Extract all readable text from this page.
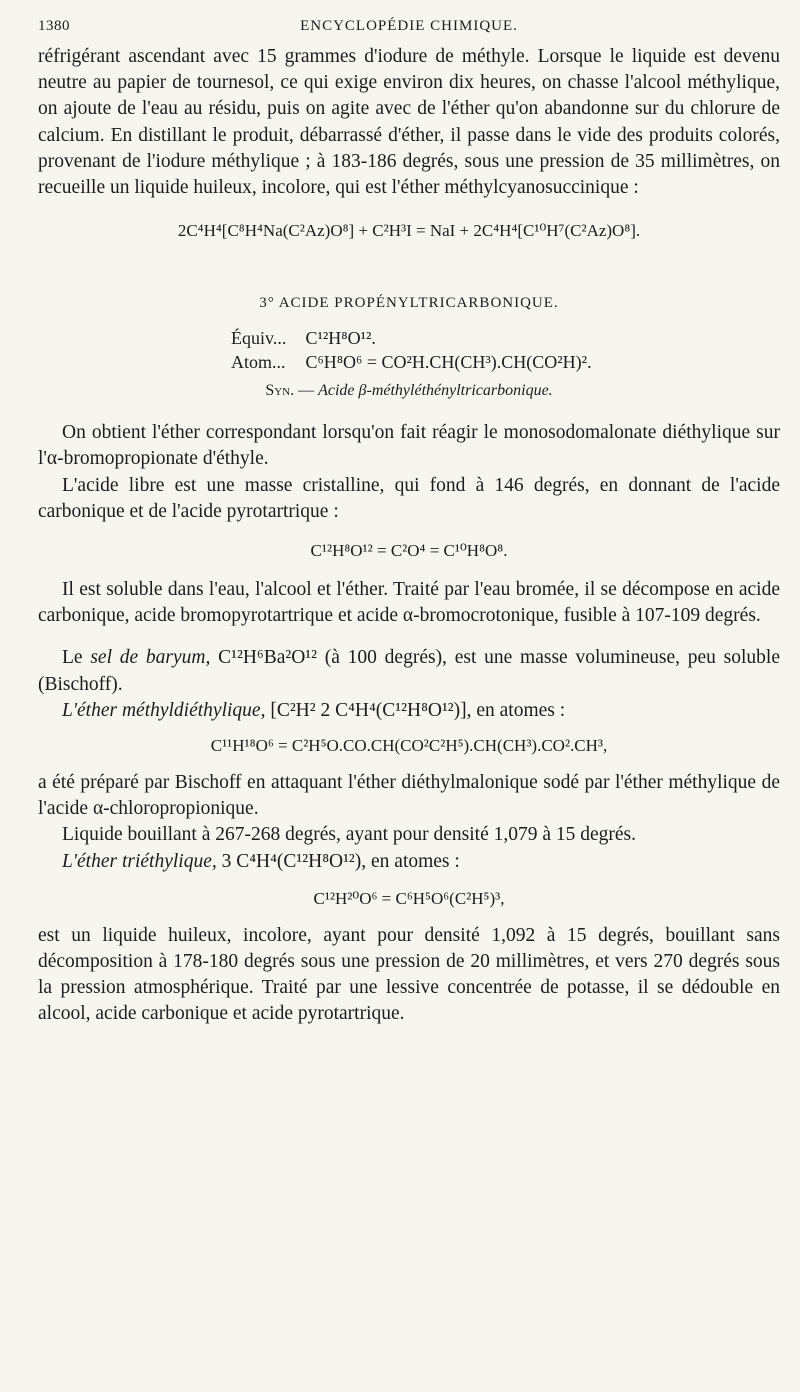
1380	ENCYCLOPÉDIE CHIMIQUE.

réfrigérant ascendant avec 15 grammes d'iodure de méthyle. Lorsque le liquide est devenu neutre au papier de tournesol, ce qui exige environ dix heures, on chasse l'alcool méthylique, on ajoute de l'eau au résidu, puis on agite avec de l'éther qu'on abandonne sur du chlorure de calcium. En distillant le produit, débarrassé d'éther, il passe dans le vide des produits colorés, provenant de l'iodure méthylique ; à 183-186 degrés, sous une pression de 35 millimètres, on recueille un liquide huileux, incolore, qui est l'éther méthylcyanosuccinique :

2C⁴H⁴[C⁸H⁴Na(C²Az)O⁸] + C²H³I = NaI + 2C⁴H⁴[C¹⁰H⁷(C²Az)O⁸].

3° ACIDE PROPÉNYLTRICARBONIQUE.

Équiv... C¹²H⁸O¹².

Atom... C⁶H⁸O⁶ = CO²H.CH(CH³).CH(CO²H)².

Syn. — Acide β-méthyléthényltricarbonique.

On obtient l'éther correspondant lorsqu'on fait réagir le monosodomalonate diéthylique sur l'α-bromopropionate d'éthyle.

L'acide libre est une masse cristalline, qui fond à 146 degrés, en donnant de l'acide carbonique et de l'acide pyrotartrique :

C¹²H⁸O¹² = C²O⁴ = C¹⁰H⁸O⁸.

Il est soluble dans l'eau, l'alcool et l'éther. Traité par l'eau bromée, il se décompose en acide carbonique, acide bromopyrotartrique et acide α-bromocrotonique, fusible à 107-109 degrés.

Le sel de baryum, C¹²H⁶Ba²O¹² (à 100 degrés), est une masse volumineuse, peu soluble (Bischoff).

L'éther méthyldiéthylique, [C²H² 2 C⁴H⁴(C¹²H⁸O¹²)], en atomes :

C¹¹H¹⁸O⁶ = C²H⁵O.CO.CH(CO²C²H⁵).CH(CH³).CO².CH³,

a été préparé par Bischoff en attaquant l'éther diéthylmalonique sodé par l'éther méthylique de l'acide α-chloropropionique.

Liquide bouillant à 267-268 degrés, ayant pour densité 1,079 à 15 degrés.

L'éther triéthylique, 3 C⁴H⁴(C¹²H⁸O¹²), en atomes :

C¹²H²⁰O⁶ = C⁶H⁵O⁶(C²H⁵)³,

est un liquide huileux, incolore, ayant pour densité 1,092 à 15 degrés, bouillant sans décomposition à 178-180 degrés sous une pression de 20 millimètres, et vers 270 degrés sous la pression atmosphérique. Traité par une lessive concentrée de potasse, il se dédouble en alcool, acide carbonique et acide pyrotartrique.
